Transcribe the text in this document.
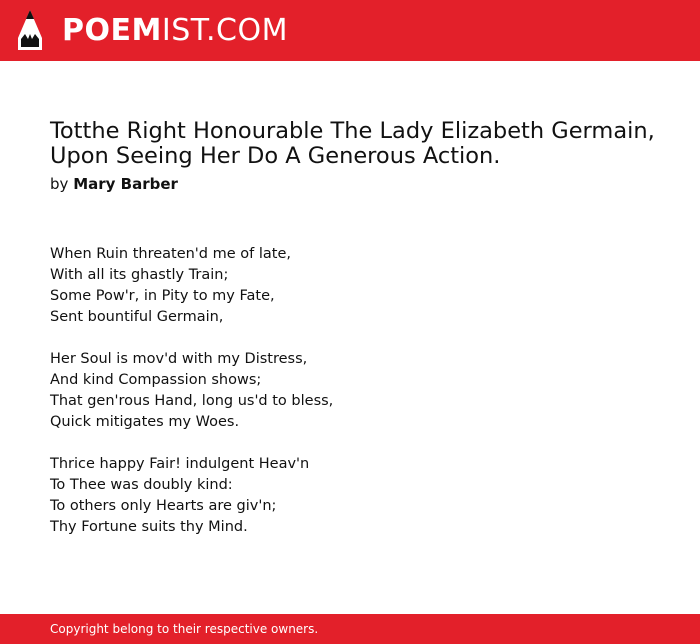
POEMIST.COM
Totthe Right Honourable The Lady Elizabeth Germain, Upon Seeing Her Do A Generous Action.
by Mary Barber
When Ruin threaten'd me of late,
With all its ghastly Train;
Some Pow'r, in Pity to my Fate,
Sent bountiful Germain,
Her Soul is mov'd with my Distress,
And kind Compassion shows;
That gen'rous Hand, long us'd to bless,
Quick mitigates my Woes.
Thrice happy Fair! indulgent Heav'n
To Thee was doubly kind:
To others only Hearts are giv'n;
Thy Fortune suits thy Mind.
Copyright belong to their respective owners.
